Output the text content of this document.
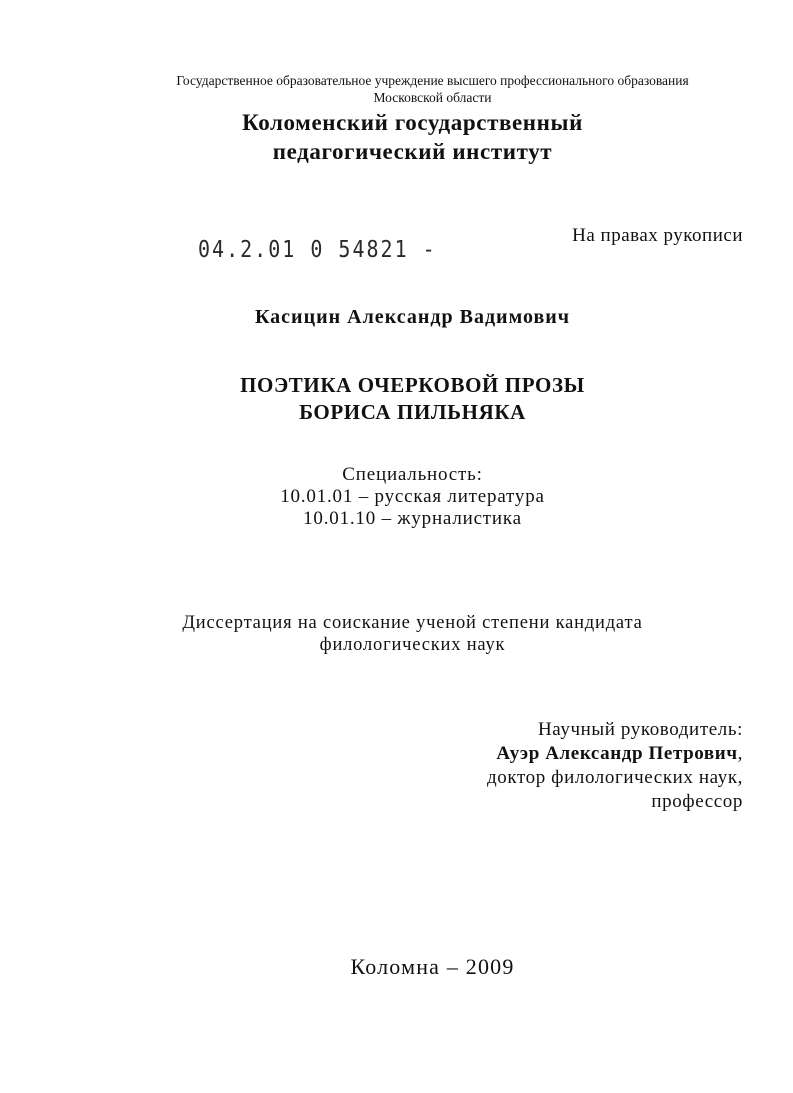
Государственное образовательное учреждение высшего профессионального образования
Московской области
Коломенский государственный
педагогический институт
04.2.01 0 54821 -	На правах рукописи
Касицин Александр Вадимович
ПОЭТИКА ОЧЕРКОВОЙ ПРОЗЫ
БОРИСА ПИЛЬНЯКА
Специальность:
10.01.01 – русская литература
10.01.10 – журналистика
Диссертация на соискание ученой степени кандидата
филологических наук
Научный руководитель:
Ауэр Александр Петрович,
доктор филологических наук,
профессор
Коломна – 2009
